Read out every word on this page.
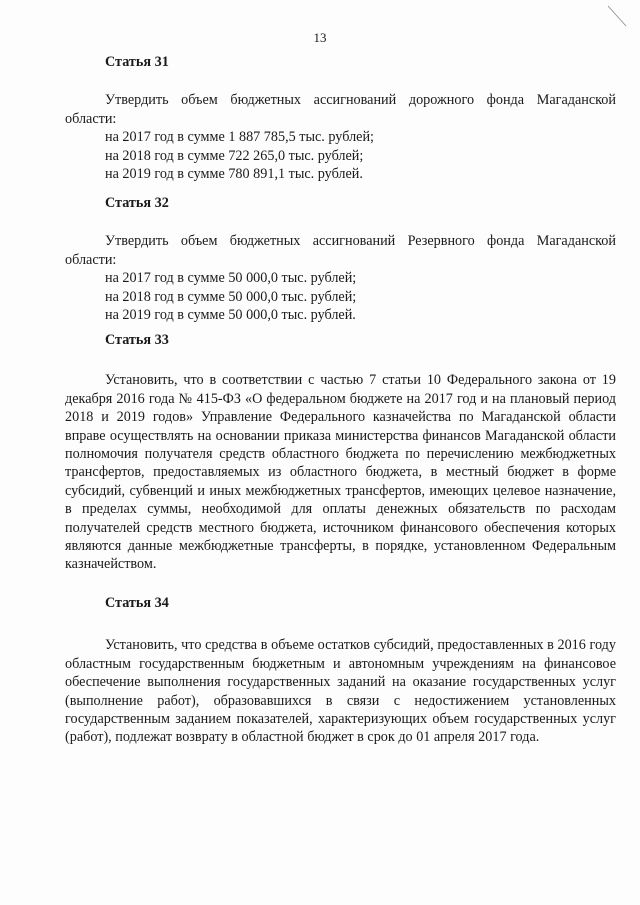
13

Статья 31

Утвердить объем бюджетных ассигнований дорожного фонда Магаданской области:

на 2017 год в сумме 1 887 785,5 тыс. рублей;
на 2018 год в сумме 722 265,0 тыс. рублей;
на 2019 год в сумме 780 891,1 тыс. рублей.

Статья 32

Утвердить объем бюджетных ассигнований Резервного фонда Магаданской области:

на 2017 год в сумме 50 000,0 тыс. рублей;
на 2018 год в сумме 50 000,0 тыс. рублей;
на 2019 год в сумме 50 000,0 тыс. рублей.

Статья 33

Установить, что в соответствии с частью 7 статьи 10 Федерального закона от 19 декабря 2016 года № 415-ФЗ «О федеральном бюджете на 2017 год и на плановый период 2018 и 2019 годов» Управление Федерального казначейства по Магаданской области вправе осуществлять на основании приказа министерства финансов Магаданской области полномочия получателя средств областного бюджета по перечислению межбюджетных трансфертов, предоставляемых из областного бюджета, в местный бюджет в форме субсидий, субвенций и иных межбюджетных трансфертов, имеющих целевое назначение, в пределах суммы, необходимой для оплаты денежных обязательств по расходам получателей средств местного бюджета, источником финансового обеспечения которых являются данные межбюджетные трансферты, в порядке, установленном Федеральным казначейством.

Статья 34

Установить, что средства в объеме остатков субсидий, предоставленных в 2016 году областным государственным бюджетным и автономным учреждениям на финансовое обеспечение выполнения государственных заданий на оказание государственных услуг (выполнение работ), образовавшихся в связи с недостижением установленных государственным заданием показателей, характеризующих объем государственных услуг (работ), подлежат возврату в областной бюджет в срок до 01 апреля 2017 года.
